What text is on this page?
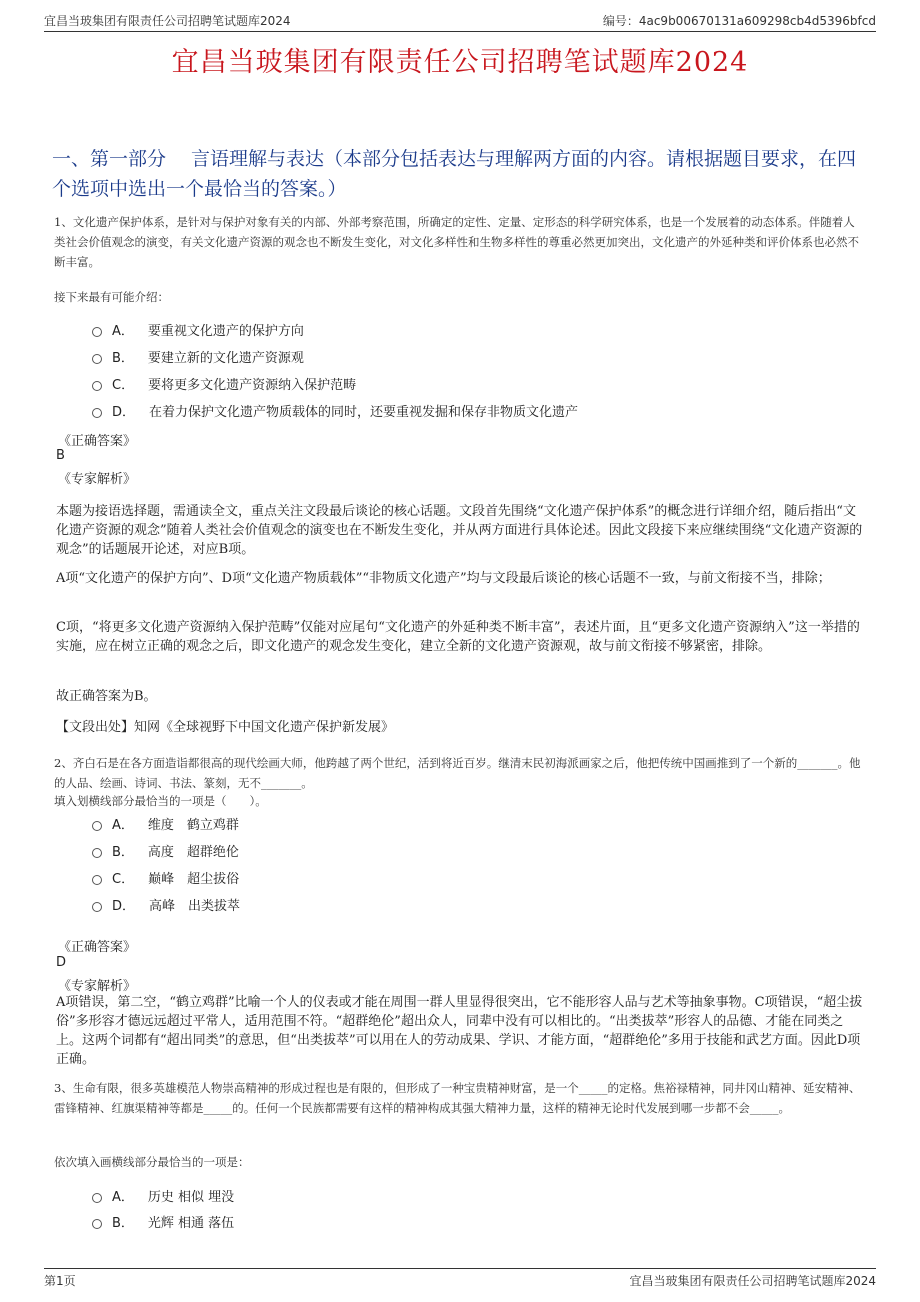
宜昌当玻集团有限责任公司招聘笔试题库2024	编号：4ac9b00670131a609298cb4d5396bfcd
宜昌当玻集团有限责任公司招聘笔试题库2024
一、第一部分　 言语理解与表达（本部分包括表达与理解两方面的内容。请根据题目要求，在四个选项中选出一个最恰当的答案。）

1、文化遗产保护体系，是针对与保护对象有关的内部、外部考察范围，所确定的定性、定量、定形态的科学研究体系，也是一个发展着的动态体系。伴随着人类社会价值观念的演变，有关文化遗产资源的观念也不断发生变化，对文化多样性和生物多样性的尊重必然更加突出，文化遗产的外延种类和评价体系也必然不断丰富。

接下来最有可能介绍：

A． 要重视文化遗产的保护方向
B． 要建立新的文化遗产资源观
C． 要将更多文化遗产资源纳入保护范畴
D． 在着力保护文化遗产物质载体的同时，还要重视发掘和保存非物质文化遗产
《正确答案》
B
《专家解析》

本题为接语选择题，需通读全文，重点关注文段最后谈论的核心话题。文段首先围绕“文化遗产保护体系”的概念进行详细介绍，随后指出“文化遗产资源的观念”随着人类社会价值观念的演变也在不断发生变化，并从两方面进行具体论述。因此文段接下来应继续围绕“文化遗产资源的观念”的话题展开论述，对应B项。

A项“文化遗产的保护方向”、D项“文化遗产物质载体”“非物质文化遗产”均与文段最后谈论的核心话题不一致，与前文衔接不当，排除；

C项，“将更多文化遗产资源纳入保护范畴”仅能对应尾句“文化遗产的外延种类不断丰富”，表述片面，且“更多文化遗产资源纳入”这一举措的实施，应在树立正确的观念之后，即文化遗产的观念发生变化，建立全新的文化遗产资源观，故与前文衔接不够紧密，排除。

故正确答案为B。

【文段出处】知网《全球视野下中国文化遗产保护新发展》

2、齐白石是在各方面造诣都很高的现代绘画大师，他跨越了两个世纪，活到将近百岁。继清末民初海派画家之后，他把传统中国画推到了一个新的_______。他的人品、绘画、诗词、书法、篆刻，无不_______。

填入划横线部分最恰当的一项是（　　）。

A． 维度　鹤立鸡群
B． 高度　超群绝伦
C． 巅峰　超尘拔俗
D． 高峰　出类拔萃
《正确答案》
D
《专家解析》

A项错误，第二空，“鹤立鸡群”比喻一个人的仪表或才能在周围一群人里显得很突出，它不能形容人品与艺术等抽象事物。C项错误，“超尘拔俗”多形容才德远远超过平常人，适用范围不符。“超群绝伦”超出众人，同辈中没有可以相比的。“出类拔萃”形容人的品德、才能在同类之上。这两个词都有“超出同类”的意思，但“出类拔萃”可以用在人的劳动成果、学识、才能方面，“超群绝伦”多用于技能和武艺方面。因此D项正确。

3、生命有限，很多英雄模范人物崇高精神的形成过程也是有限的，但形成了一种宝贵精神财富，是一个_____的定格。焦裕禄精神，同井冈山精神、延安精神、雷锋精神、红旗渠精神等都是_____的。任何一个民族都需要有这样的精神构成其强大精神力量，这样的精神无论时代发展到哪一步都不会_____。

依次填入画横线部分最恰当的一项是：

A． 历史 相似 埋没
B． 光辉 相通 落伍
第1页	宜昌当玻集团有限责任公司招聘笔试题库2024
